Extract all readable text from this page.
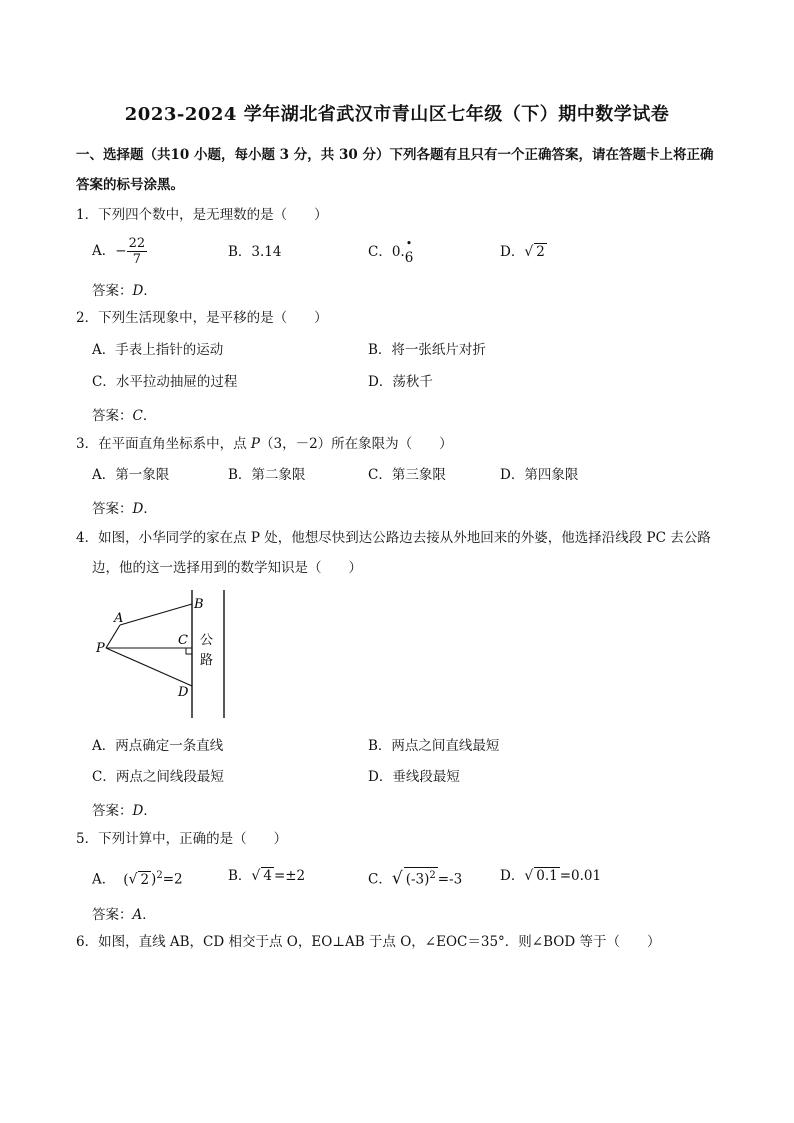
2023-2024 学年湖北省武汉市青山区七年级（下）期中数学试卷
一、选择题（共10 小题，每小题 3 分，共 30 分）下列各题有且只有一个正确答案，请在答题卡上将正确
答案的标号涂黑。
1．下列四个数中，是无理数的是（　　）
A．− $\frac{22}{7}$	B．3.14	C．0.
•
6	D．√ 2
答案：D．
2．下列生活现象中，是平移的是（　　）
A．手表上指针的运动	B．将一张纸片对折
C．水平拉动抽屉的过程	D．荡秋千
答案：C．
3．在平面直角坐标系中，点 P（3，－2）所在象限为（　　）
A．第一象限	B．第二象限	C．第三象限	D．第四象限
答案：D．
4．如图，小华同学的家在点 P 处，他想尽快到达公路边去接从外地回来的外婆，他选择沿线段 PC 去公路
边，他的这一选择用到的数学知识是（　　）
A
B
C
P
D
公
路
A．两点确定一条直线	B．两点之间直线最短
C．两点之间线段最短	D．垂线段最短
答案：D．
5．下列计算中，正确的是（　　）
A． (√ 2 )$^2$=2	B．√ 4 =±2	C．√ $(-3)^2 =-3$	D．√ 0.1 =0.01
答案：A．
6．如图，直线 AB，CD 相交于点 O，EO⊥AB 于点 O，∠EOC＝35°．则∠BOD 等于（　　）
